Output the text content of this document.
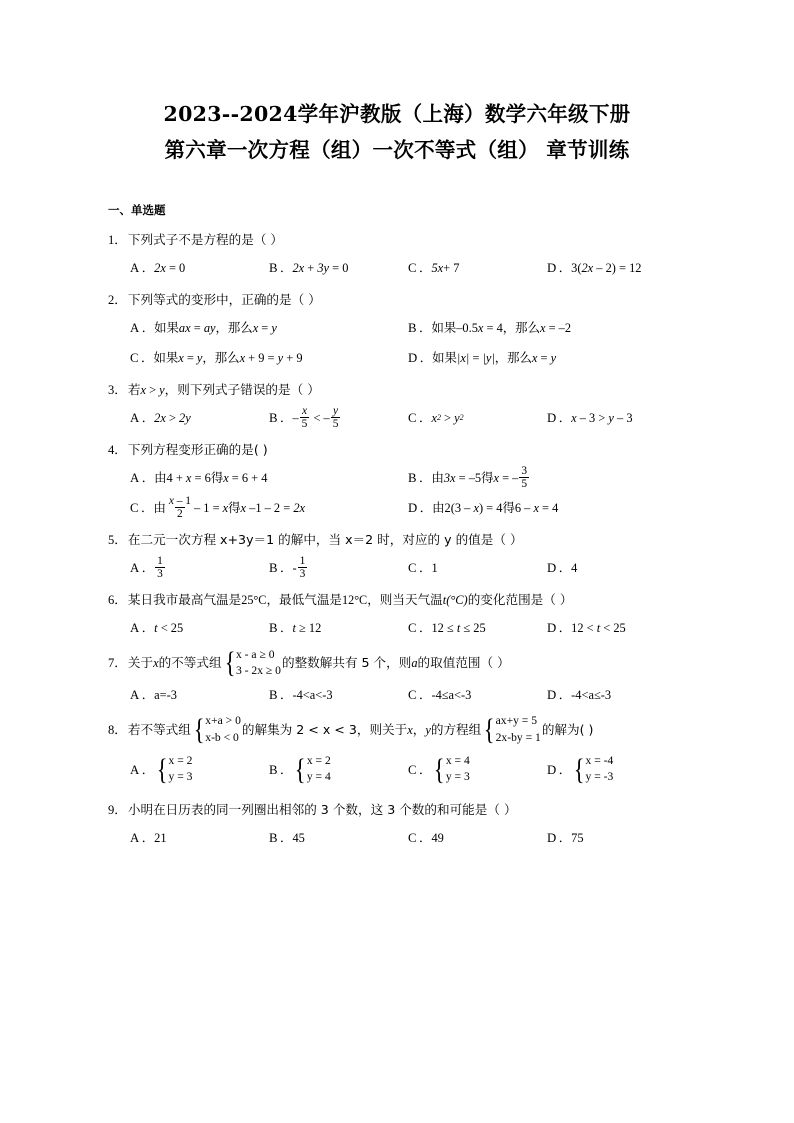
2023--2024学年沪教版（上海）数学六年级下册
第六章一次方程（组）一次不等式（组） 章节训练
一、单选题
1． 下列式子不是方程的是（ ）
A ． 2x = 0	B ． 2x + 3y = 0	C ． 5x + 7	D ． 3( 2x – 2) = 12
2． 下列等式的变形中，正确的是（ ）
A ． 如果 ax = ay ，那么 x = y	B ． 如果 –0.5 x = 4 ，那么 x = –2
C ． 如果 x = y ，那么 x + 9 = y + 9	D ． 如果 |x| = |y| ，那么 x = y
3． 若 x > y ，则下列式子错误的是（ ）
A ． 2x > 2y	B ． – $\frac{x}{5}$ < – $\frac{y}{5}$	C ． x 2 > y 2	D ． x – 3 > y – 3
4． 下列方程变形正确的是( )
A ． 由 4 + x = 6 得 x = 6 + 4	B ． 由 3x = –5 得 x = – $\frac{3}{5}$
C ． 由 $\frac{x - 1}{2} - 1 = x$ 得 x –1 – 2 = 2x	D ． 由 2(3 – x ) = 4 得 6 – x = 4
5． 在二元一次方程 x+3y＝1 的解中，当 x＝2 时，对应的 y 的值是（ ）
A ． $\frac{1}{3}$	B ． - $\frac{1}{3}$	C ． 1	D ． 4
6． 某日我市最高气温是 25°C ，最低气温是 12°C ，则当天气温 t(°C) 的变化范围是（ ）
A ． t < 25	B ． t ≥ 12	C ． 12 ≤ t ≤ 25	D ． 12 < t < 25
7． 关于 x 的不等式组 { x - a ≥ 0
3 - 2x ≥ 0 的整数解共有 5 个，则 a 的取值范围（ ）
A ． a=-3	B ． -4<a<-3	C ． -4≤a<-3	D ． -4<a≤-3
8． 若不等式组 { x+a > 0
x-b < 0 的解集为 2 < x < 3，则关于 x ， y 的方程组 { ax+y = 5
2x-by = 1 的解为( )
A ． { x = 2
y = 3	B ． { x = 2
y = 4	C ． { x = 4
y = 3	D ． { x = -4
y = -3
9． 小明在日历表的同一列圈出相邻的 3 个数，这 3 个数的和可能是（ ）
A ． 21	B ． 45	C ． 49	D ． 75
